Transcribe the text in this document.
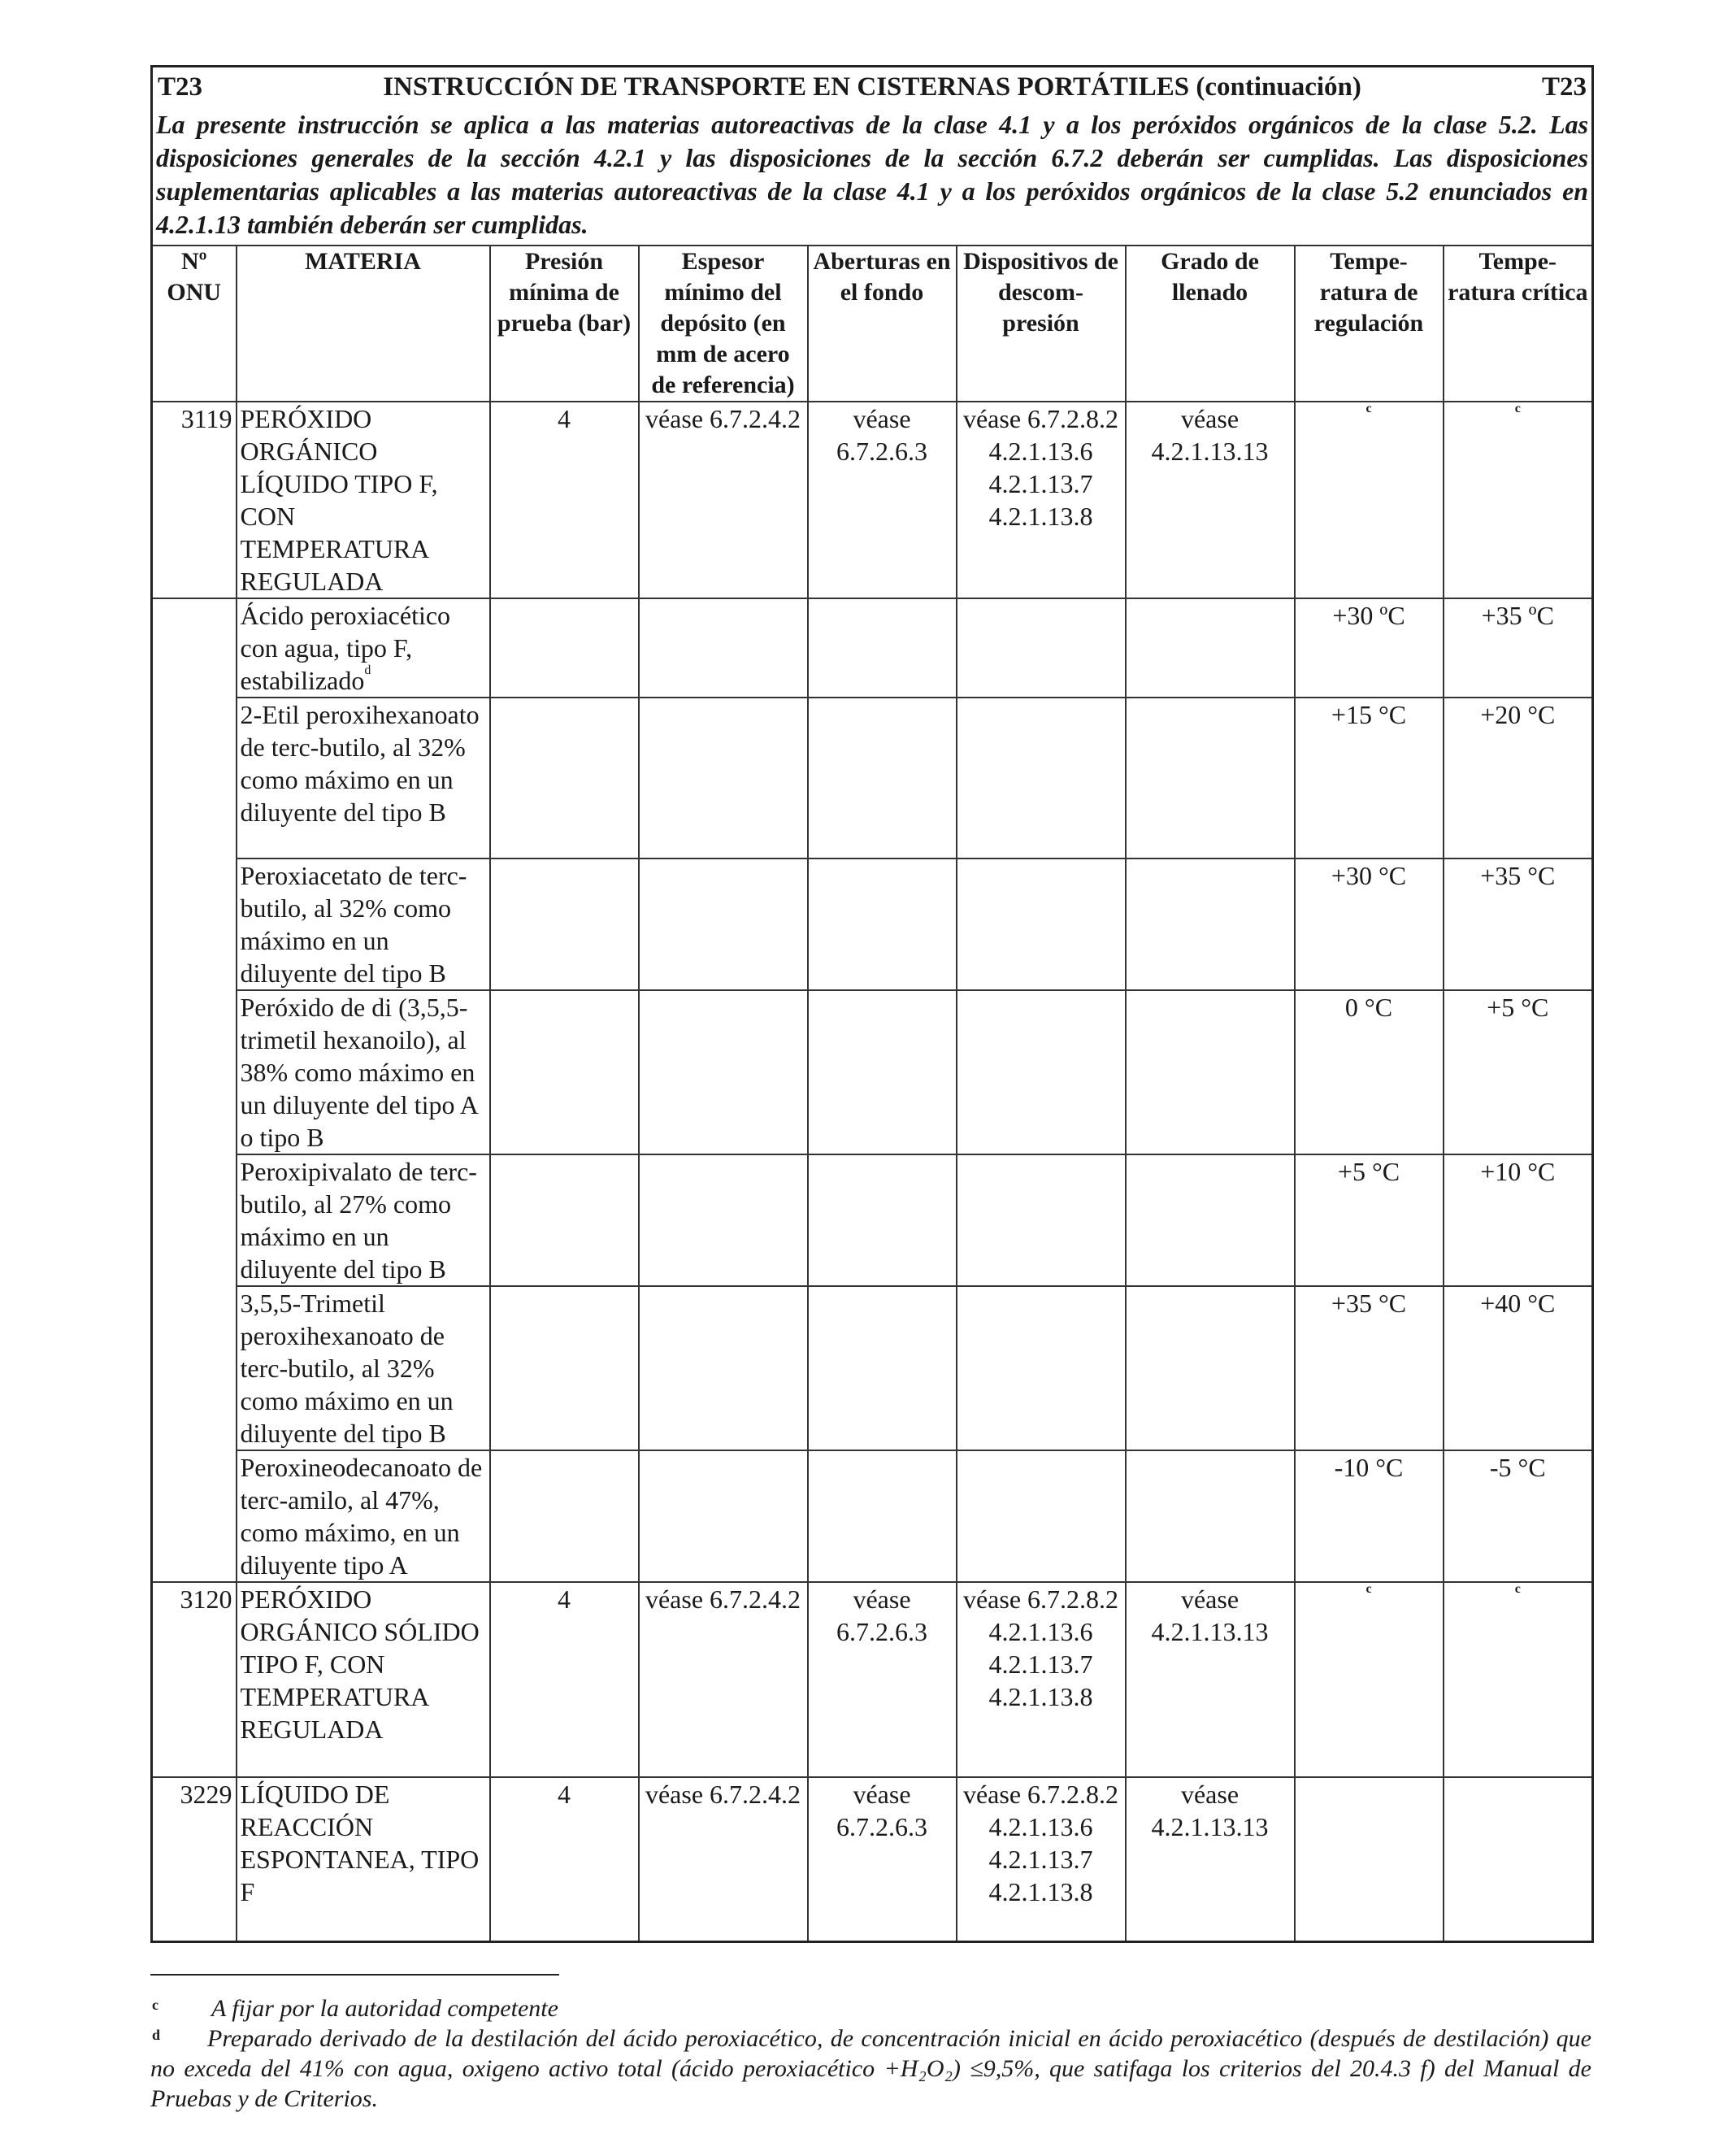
T23 INSTRUCCIÓN DE TRANSPORTE EN CISTERNAS PORTÁTILES (continuación) T23								

La presente instrucción se aplica a las materias autoreactivas de la clase 4.1 y a los peróxidos orgánicos de la clase 5.2. Las disposiciones generales de la sección 4.2.1 y las disposiciones de la sección 6.7.2 deberán ser cumplidas. Las disposiciones suplementarias aplicables a las materias autoreactivas de la clase 4.1 y a los peróxidos orgánicos de la clase 5.2 enunciados en 4.2.1.13 también deberán ser cumplidas.								
Nº ONU	MATERIA	Presión mínima de prueba (bar)	Espesor mínimo del depósito (en mm de acero de referencia)	Aberturas en el fondo	Dispositivos de descom-presión	Grado de llenado	Tempe-ratura de regulación	Tempe-ratura crítica
3119	PERÓXIDO ORGÁNICO LÍQUIDO TIPO F, CON TEMPERATURA REGULADA	4	véase 6.7.2.4.2	véase 6.7.2.6.3	véase 6.7.2.8.2 4.2.1.13.6 4.2.1.13.7 4.2.1.13.8	véase 4.2.1.13.13	$^c$	$^c$
	Ácido peroxiacético con agua, tipo F, estabilizado$^d$						+30 ºC	+35 ºC
	2-Etil peroxihexanoato de terc-butilo, al 32% como máximo en un diluyente del tipo B						+15 °C	+20 °C
	Peroxiacetato de terc-butilo, al 32% como máximo en un diluyente del tipo B						+30 °C	+35 °C
	Peróxido de di (3,5,5-trimetil hexanoilo), al 38% como máximo en un diluyente del tipo A o tipo B						0 °C	+5 °C
	Peroxipivalato de terc-butilo, al 27% como máximo en un diluyente del tipo B						+5 °C	+10 °C
	3,5,5-Trimetil peroxihexanoato de terc-butilo, al 32% como máximo en un diluyente del tipo B						+35 °C	+40 °C
	Peroxineodecanoato de terc-amilo, al 47%, como máximo, en un diluyente tipo A						-10 °C	-5 °C
3120	PERÓXIDO ORGÁNICO SÓLIDO TIPO F, CON TEMPERATURA REGULADA	4	véase 6.7.2.4.2	véase 6.7.2.6.3	véase 6.7.2.8.2 4.2.1.13.6 4.2.1.13.7 4.2.1.13.8	véase 4.2.1.13.13	$^c$	$^c$
3229	LÍQUIDO DE REACCIÓN ESPONTANEA, TIPO F	4	véase 6.7.2.4.2	véase 6.7.2.6.3	véase 6.7.2.8.2 4.2.1.13.6 4.2.1.13.7 4.2.1.13.8	véase 4.2.1.13.13		
c	A fijar por la autoridad competente
d	Preparado derivado de la destilación del ácido peroxiacético, de concentración inicial en ácido peroxiacético (después de destilación) que no exceda del 41% con agua, oxigeno activo total (ácido peroxiacético +H₂O₂) ≤9,5%, que satifaga los criterios del 20.4.3 f) del Manual de Pruebas y de Criterios.
